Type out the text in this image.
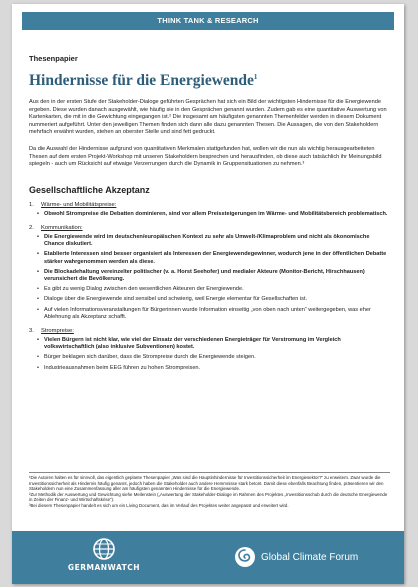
THINK TANK & RESEARCH
Thesenpapier
Hindernisse für die Energiewende$^1$

Aus den in der ersten Stufe der Stakeholder-Dialoge geführten Gesprächen hat sich ein Bild der wichtigsten Hindernisse für die Energiewende ergeben. Diese wurden danach ausgewählt, wie häufig sie in den Gesprächen genannt wurden. Zudem gab es eine quantitative Auswertung von Kartenkarten, die mit in die Gewichtung eingegangen ist.² Die insgesamt am häufigsten genannten Themenfelder werden in diesem Dokument nummeriert aufgeführt. Unter den jeweiligen Themen finden sich dann alle dazu genannten Thesen. Die Aussagen, die von den Stakeholdern mehrfach erwähnt wurden, stehen an oberster Stelle und sind fett gedruckt.

Da die Auswahl der Hindernisse aufgrund von quantitativen Merkmalen stattgefunden hat, wollen wir die nun als wichtig herausgearbeiteten Thesen auf dem ersten Projekt-Workshop mit unseren Stakeholdern besprechen und herausfinden, ob diese auch tatsächlich ihr Meinungsbild spiegeln - auch um Rücksicht auf etwaige Verzerrungen durch die Dynamik in Gruppensituationen zu nehmen.³

Gesellschaftliche Akzeptanz
1.	Wärme- und Mobilitätspreise:
• Obwohl Strompreise die Debatten dominieren, sind vor allem Preissteigerungen im Wärme- und Mobilitätsbereich problematisch.
2.	Kommunikation:
• Die Energiewende wird im deutschen/europäischen Kontext zu sehr als Umwelt-/Klimaproblem und nicht als ökonomische Chance diskutiert.
• Etablierte Interessen sind besser organisiert als Interessen der Energiewendegewinner, wodurch jene in der öffentlichen Debatte stärker wahrgenommen werden als diese.
• Die Blockadehaltung vereinzelter politischer (v. a. Horst Seehofer) und medialer Akteure (Monitor-Bericht, Hirschhausen) verunsichert die Bevölkerung.
• Es gibt zu wenig Dialog zwischen den wesentlichen Akteuren der Energiewende.
• Dialoge über die Energiewende sind sensibel und schwierig, weil Energie elementar für Gesellschaften ist.
• Auf vielen Informationsveranstaltungen für Bürgerinnen wurde Information einseitig „von oben nach unten“ weitergegeben, was eher Ablehnung als Akzeptanz schafft.
3.	Strompreise:
• Vielen Bürgern ist nicht klar, wie viel der Einsatz der verschiedenen Energieträger für Verstromung im Vergleich volkswirtschaftlich (also inklusive Subventionen) kostet.
• Bürger beklagen sich darüber, dass die Strompreise durch die Energiewende steigen.
• Industrieausnahmen beim EEG führen zu hohen Strompreisen.
¹Die Autoren halten es für sinnvoll, das eigentlich geplante Thesenpapier „Was sind die Hauptinhindernisse für Investitionssicherheit im Energiesektor?“ zu erweitern. Zwar wurde die Investitionssicherheit als Hindernis häufig genannt, jedoch haben die Stakeholder auch andere Hemmnisse stark betont. Damit diese ebenfalls Beachtung finden, präsentieren wir den Stakeholdern nun eine Zusammenfassung aller am häufigsten genannten Hindernisse für die Energiewende.
²Zur Methodik der Auswertung und Gewichtung siehe Meilenstein („Auswertung der Stakeholder-Dialoge im Rahmen des Projektes „Investitionsschub durch die deutsche Energiewende in Zeiten der Finanz- und Wirtschaftskrise“).
³Bei diesem Thesenpapier handelt es sich um ein Living Document, das im Verlauf des Projektes weiter angepasst und erweitert wird.
GERMANWATCH
Global Climate Forum
